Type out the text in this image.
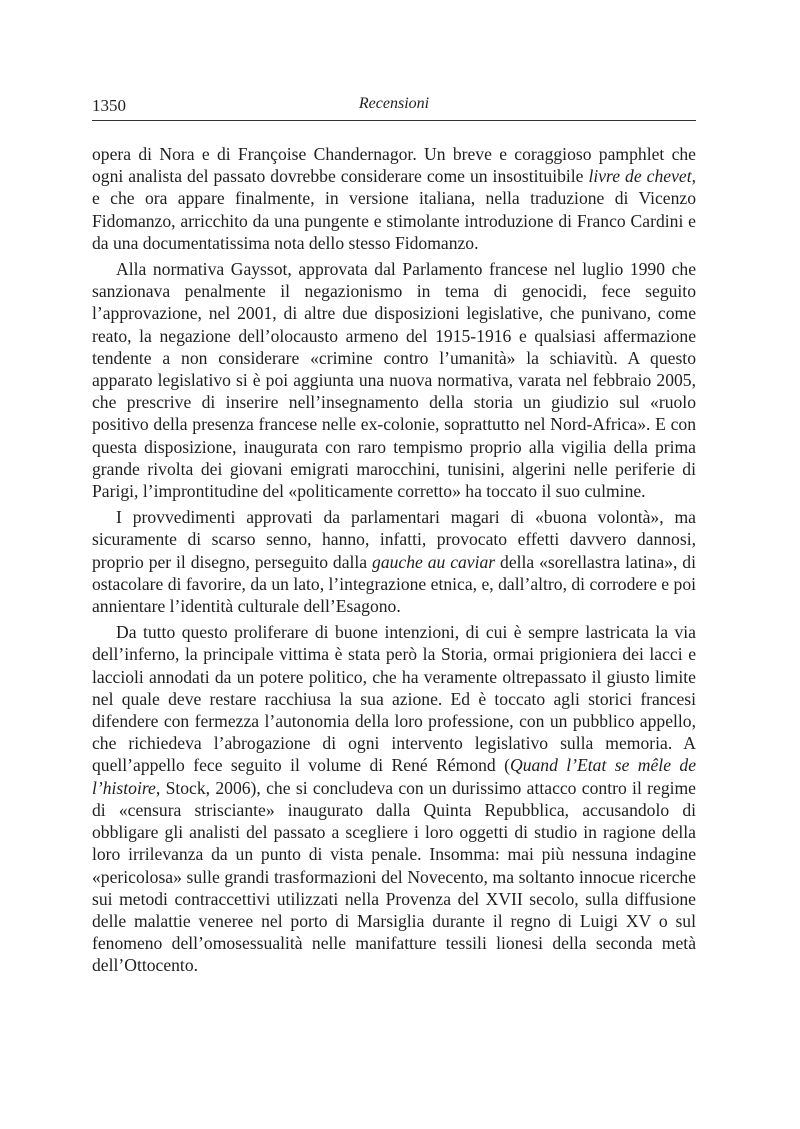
1350	Recensioni

opera di Nora e di Françoise Chandernagor. Un breve e coraggioso pamphlet che ogni analista del passato dovrebbe considerare come un insostituibile livre de chevet, e che ora appare finalmente, in versione italiana, nella traduzione di Vicenzo Fidomanzo, arricchito da una pungente e stimolante introduzione di Franco Cardini e da una documentatissima nota dello stesso Fidomanzo.

Alla normativa Gayssot, approvata dal Parlamento francese nel luglio 1990 che sanzionava penalmente il negazionismo in tema di genocidi, fece seguito l’approvazione, nel 2001, di altre due disposizioni legislative, che punivano, come reato, la negazione dell’olocausto armeno del 1915-1916 e qualsiasi affermazione tendente a non considerare «crimine contro l’umanità» la schiavitù. A questo apparato legislativo si è poi aggiunta una nuova normativa, varata nel febbraio 2005, che prescrive di inserire nell’insegnamento della storia un giudizio sul «ruolo positivo della presenza francese nelle ex-colonie, soprattutto nel Nord-Africa». E con questa disposizione, inaugurata con raro tempismo proprio alla vigilia della prima grande rivolta dei giovani emigrati marocchini, tunisini, algerini nelle periferie di Parigi, l’improntitudine del «politicamente corretto» ha toccato il suo culmine.

I provvedimenti approvati da parlamentari magari di «buona volontà», ma sicuramente di scarso senno, hanno, infatti, provocato effetti davvero dannosi, proprio per il disegno, perseguito dalla gauche au caviar della «sorellastra latina», di ostacolare di favorire, da un lato, l’integrazione etnica, e, dall’altro, di corrodere e poi annientare l’identità culturale dell’Esagono.

Da tutto questo proliferare di buone intenzioni, di cui è sempre lastricata la via dell’inferno, la principale vittima è stata però la Storia, ormai prigioniera dei lacci e laccioli annodati da un potere politico, che ha veramente oltrepassato il giusto limite nel quale deve restare racchiusa la sua azione. Ed è toccato agli storici francesi difendere con fermezza l’autonomia della loro professione, con un pubblico appello, che richiedeva l’abrogazione di ogni intervento legislativo sulla memoria. A quell’appello fece seguito il volume di René Rémond (Quand l’Etat se mêle de l’histoire, Stock, 2006), che si concludeva con un durissimo attacco contro il regime di «censura strisciante» inaugurato dalla Quinta Repubblica, accusandolo di obbligare gli analisti del passato a scegliere i loro oggetti di studio in ragione della loro irrilevanza da un punto di vista penale. Insomma: mai più nessuna indagine «pericolosa» sulle grandi trasformazioni del Novecento, ma soltanto innocue ricerche sui metodi contraccettivi utilizzati nella Provenza del XVII secolo, sulla diffusione delle malattie veneree nel porto di Marsiglia durante il regno di Luigi XV o sul fenomeno dell’omosessualità nelle manifatture tessili lionesi della seconda metà dell’Ottocento.
